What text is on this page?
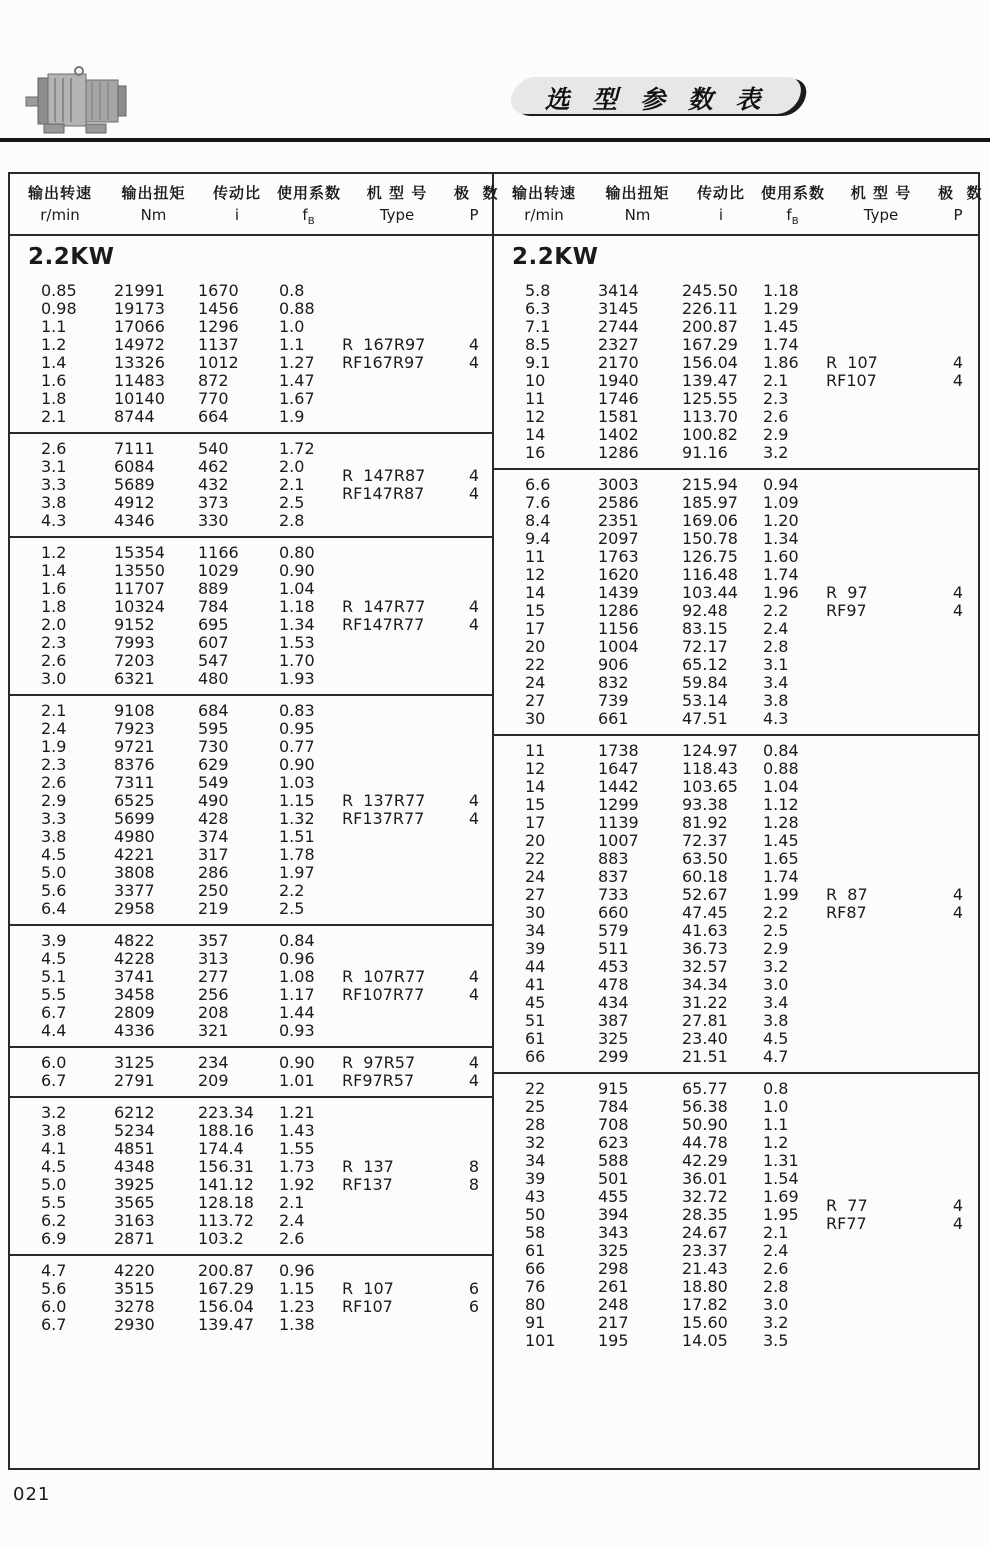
选 型 参 数 表
输出转速	输出扭矩	传动比	使用系数	机 型 号	极  数
r/min	Nm	i	$f_B$	Type	P
2.2KW
0.85	21991	1670	0.8
0.98	19173	1456	0.88
1.1	17066	1296	1.0
1.2	14972	1137	1.1
1.4	13326	1012	1.27
1.6	11483	872	1.47
1.8	10140	770	1.67
2.1	8744	664	1.9
R  167R97	4
RF167R97	4
2.6	7111	540	1.72
3.1	6084	462	2.0
3.3	5689	432	2.1
3.8	4912	373	2.5
4.3	4346	330	2.8
R  147R87	4
RF147R87	4
1.2	15354	1166	0.80
1.4	13550	1029	0.90
1.6	11707	889	1.04
1.8	10324	784	1.18
2.0	9152	695	1.34
2.3	7993	607	1.53
2.6	7203	547	1.70
3.0	6321	480	1.93
R  147R77	4
RF147R77	4
2.1	9108	684	0.83
2.4	7923	595	0.95
1.9	9721	730	0.77
2.3	8376	629	0.90
2.6	7311	549	1.03
2.9	6525	490	1.15
3.3	5699	428	1.32
3.8	4980	374	1.51
4.5	4221	317	1.78
5.0	3808	286	1.97
5.6	3377	250	2.2
6.4	2958	219	2.5
R  137R77	4
RF137R77	4
3.9	4822	357	0.84
4.5	4228	313	0.96
5.1	3741	277	1.08
5.5	3458	256	1.17
6.7	2809	208	1.44
4.4	4336	321	0.93
R  107R77	4
RF107R77	4
6.0	3125	234	0.90
6.7	2791	209	1.01
R  97R57	4
RF97R57	4
3.2	6212	223.34	1.21
3.8	5234	188.16	1.43
4.1	4851	174.4	1.55
4.5	4348	156.31	1.73
5.0	3925	141.12	1.92
5.5	3565	128.18	2.1
6.2	3163	113.72	2.4
6.9	2871	103.2	2.6
R  137	8
RF137	8
4.7	4220	200.87	0.96
5.6	3515	167.29	1.15
6.0	3278	156.04	1.23
6.7	2930	139.47	1.38
R  107	6
RF107	6
输出转速	输出扭矩	传动比	使用系数	机 型 号	极  数
r/min	Nm	i	$f_B$	Type	P
2.2KW
5.8	3414	245.50	1.18
6.3	3145	226.11	1.29
7.1	2744	200.87	1.45
8.5	2327	167.29	1.74
9.1	2170	156.04	1.86
10	1940	139.47	2.1
11	1746	125.55	2.3
12	1581	113.70	2.6
14	1402	100.82	2.9
16	1286	91.16	3.2
R  107	4
RF107	4
6.6	3003	215.94	0.94
7.6	2586	185.97	1.09
8.4	2351	169.06	1.20
9.4	2097	150.78	1.34
11	1763	126.75	1.60
12	1620	116.48	1.74
14	1439	103.44	1.96
15	1286	92.48	2.2
17	1156	83.15	2.4
20	1004	72.17	2.8
22	906	65.12	3.1
24	832	59.84	3.4
27	739	53.14	3.8
30	661	47.51	4.3
R  97	4
RF97	4
11	1738	124.97	0.84
12	1647	118.43	0.88
14	1442	103.65	1.04
15	1299	93.38	1.12
17	1139	81.92	1.28
20	1007	72.37	1.45
22	883	63.50	1.65
24	837	60.18	1.74
27	733	52.67	1.99
30	660	47.45	2.2
34	579	41.63	2.5
39	511	36.73	2.9
44	453	32.57	3.2
41	478	34.34	3.0
45	434	31.22	3.4
51	387	27.81	3.8
61	325	23.40	4.5
66	299	21.51	4.7
R  87	4
RF87	4
22	915	65.77	0.8
25	784	56.38	1.0
28	708	50.90	1.1
32	623	44.78	1.2
34	588	42.29	1.31
39	501	36.01	1.54
43	455	32.72	1.69
50	394	28.35	1.95
58	343	24.67	2.1
61	325	23.37	2.4
66	298	21.43	2.6
76	261	18.80	2.8
80	248	17.82	3.0
91	217	15.60	3.2
101	195	14.05	3.5
R  77	4
RF77	4
021
